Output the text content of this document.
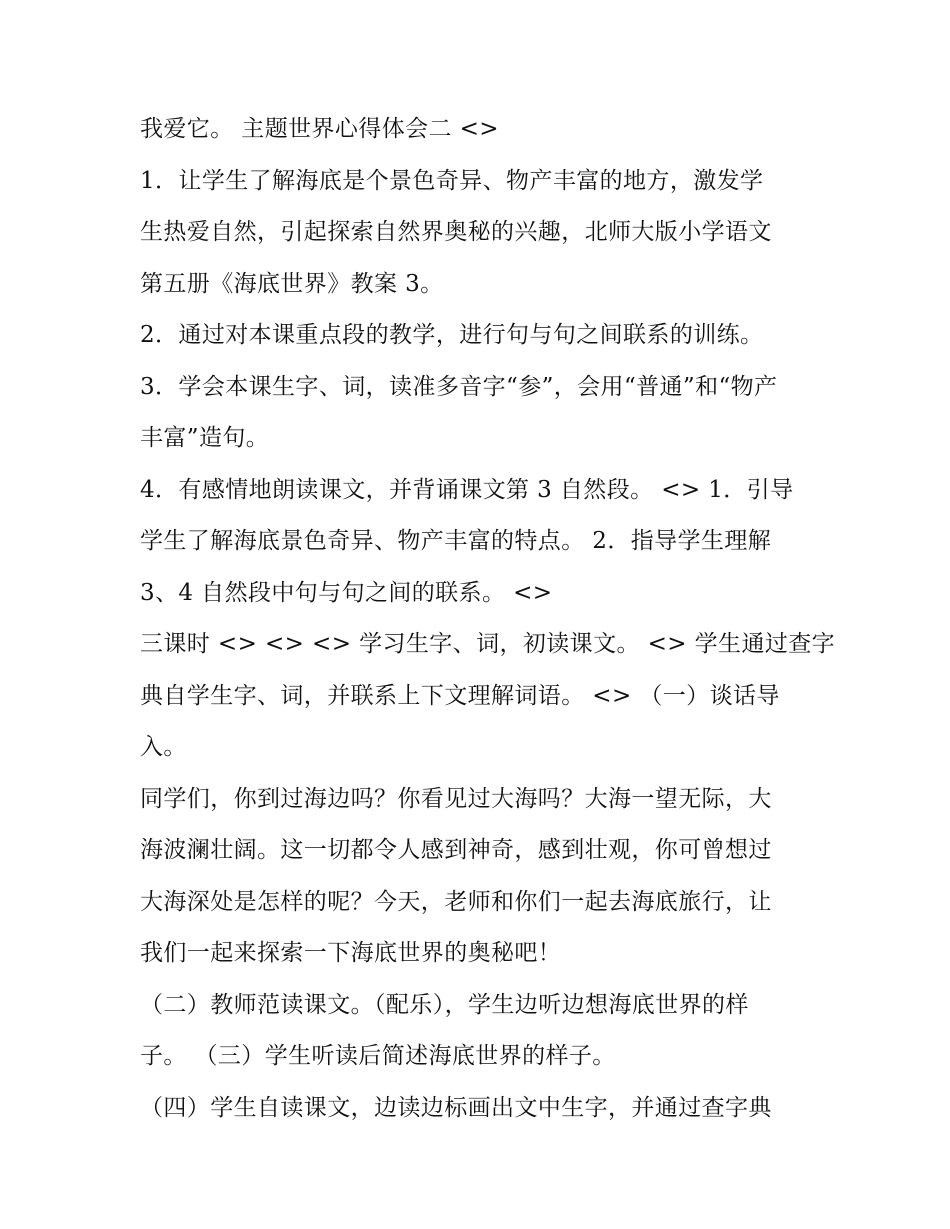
我爱它。 主题世界心得体会二 <>
1．让学生了解海底是个景色奇异、物产丰富的地方，激发学
生热爱自然，引起探索自然界奥秘的兴趣，北师大版小学语文
第五册《海底世界》教案 3。
2．通过对本课重点段的教学，进行句与句之间联系的训练。
3．学会本课生字、词，读准多音字“参”，会用“普通”和“物产
丰富”造句。
4．有感情地朗读课文，并背诵课文第 3 自然段。 <> 1．引导
学生了解海底景色奇异、物产丰富的特点。 2．指导学生理解
3、4 自然段中句与句之间的联系。 <>
三课时 <> <> <> 学习生字、词，初读课文。 <> 学生通过查字
典自学生字、词，并联系上下文理解词语。 <> （一）谈话导
入。
同学们，你到过海边吗？你看见过大海吗？大海一望无际，大
海波澜壮阔。这一切都令人感到神奇，感到壮观，你可曾想过
大海深处是怎样的呢？今天，老师和你们一起去海底旅行，让
我们一起来探索一下海底世界的奥秘吧！
（二）教师范读课文。（配乐），学生边听边想海底世界的样
子。 （三）学生听读后简述海底世界的样子。
（四）学生自读课文，边读边标画出文中生字，并通过查字典
